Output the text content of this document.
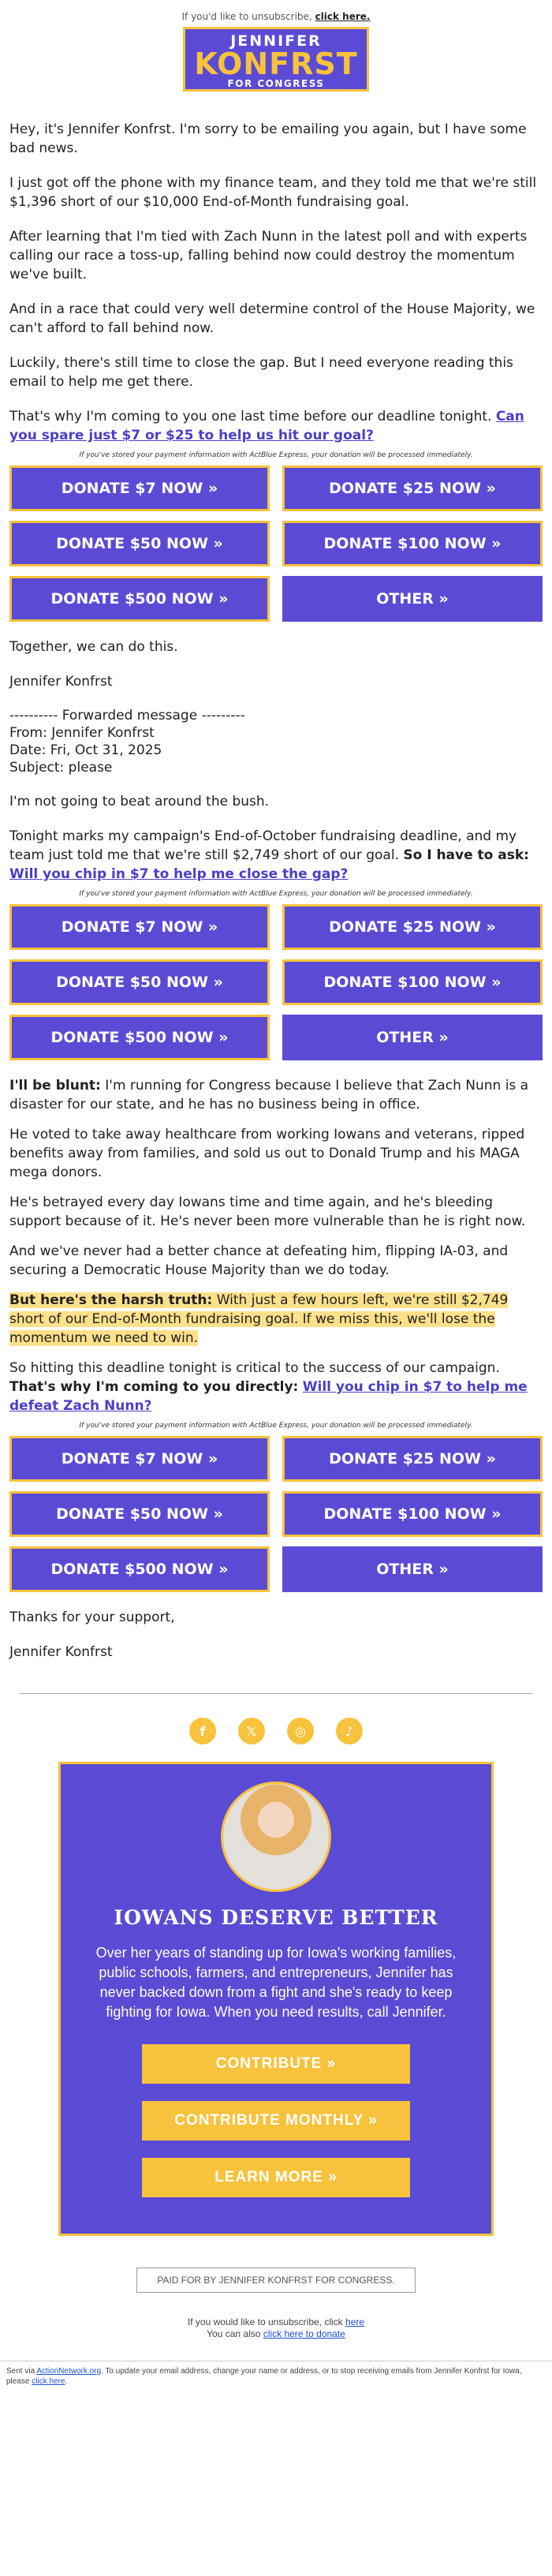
If you'd like to unsubscribe, click here.
JENNIFER
KONFRST
FOR CONGRESS

Hey, it's Jennifer Konfrst. I'm sorry to be emailing you again, but I have some bad news.

I just got off the phone with my finance team, and they told me that we're still $1,396 short of our $10,000 End-of-Month fundraising goal.

After learning that I'm tied with Zach Nunn in the latest poll and with experts calling our race a toss-up, falling behind now could destroy the momentum we've built.

And in a race that could very well determine control of the House Majority, we can't afford to fall behind now.

Luckily, there's still time to close the gap. But I need everyone reading this email to help me get there.

That's why I'm coming to you one last time before our deadline tonight. Can you spare just $7 or $25 to help us hit our goal?

If you've stored your payment information with ActBlue Express, your donation will be processed immediately.
DONATE $7 NOW »	DONATE $25 NOW »
DONATE $50 NOW »	DONATE $100 NOW »
DONATE $500 NOW »	OTHER »

Together, we can do this.

Jennifer Konfrst

---------- Forwarded message ---------
From: Jennifer Konfrst
Date: Fri, Oct 31, 2025
Subject: please

I'm not going to beat around the bush.

Tonight marks my campaign's End-of-October fundraising deadline, and my team just told me that we're still $2,749 short of our goal. So I have to ask: Will you chip in $7 to help me close the gap?

If you've stored your payment information with ActBlue Express, your donation will be processed immediately.
DONATE $7 NOW »	DONATE $25 NOW »
DONATE $50 NOW »	DONATE $100 NOW »
DONATE $500 NOW »	OTHER »

I'll be blunt: I'm running for Congress because I believe that Zach Nunn is a disaster for our state, and he has no business being in office.

He voted to take away healthcare from working Iowans and veterans, ripped benefits away from families, and sold us out to Donald Trump and his MAGA mega donors.

He's betrayed every day Iowans time and time again, and he's bleeding support because of it. He's never been more vulnerable than he is right now.

And we've never had a better chance at defeating him, flipping IA-03, and securing a Democratic House Majority than we do today.

But here's the harsh truth: With just a few hours left, we're still $2,749 short of our End-of-Month fundraising goal. If we miss this, we'll lose the momentum we need to win.

So hitting this deadline tonight is critical to the success of our campaign. That's why I'm coming to you directly: Will you chip in $7 to help me defeat Zach Nunn?

If you've stored your payment information with ActBlue Express, your donation will be processed immediately.
DONATE $7 NOW »	DONATE $25 NOW »
DONATE $50 NOW »	DONATE $100 NOW »
DONATE $500 NOW »	OTHER »

Thanks for your support,

Jennifer Konfrst

f	𝕏	◎	♪
IOWANS DESERVE BETTER

Over her years of standing up for Iowa's working families, public schools, farmers, and entrepreneurs, Jennifer has never backed down from a fight and she's ready to keep fighting for Iowa. When you need results, call Jennifer.

CONTRIBUTE »
CONTRIBUTE MONTHLY »
LEARN MORE »
PAID FOR BY JENNIFER KONFRST FOR CONGRESS.
If you would like to unsubscribe, click here
You can also click here to donate
Sent via ActionNetwork.org. To update your email address, change your name or address, or to stop receiving emails from Jennifer Konfrst for Iowa, please click here.
